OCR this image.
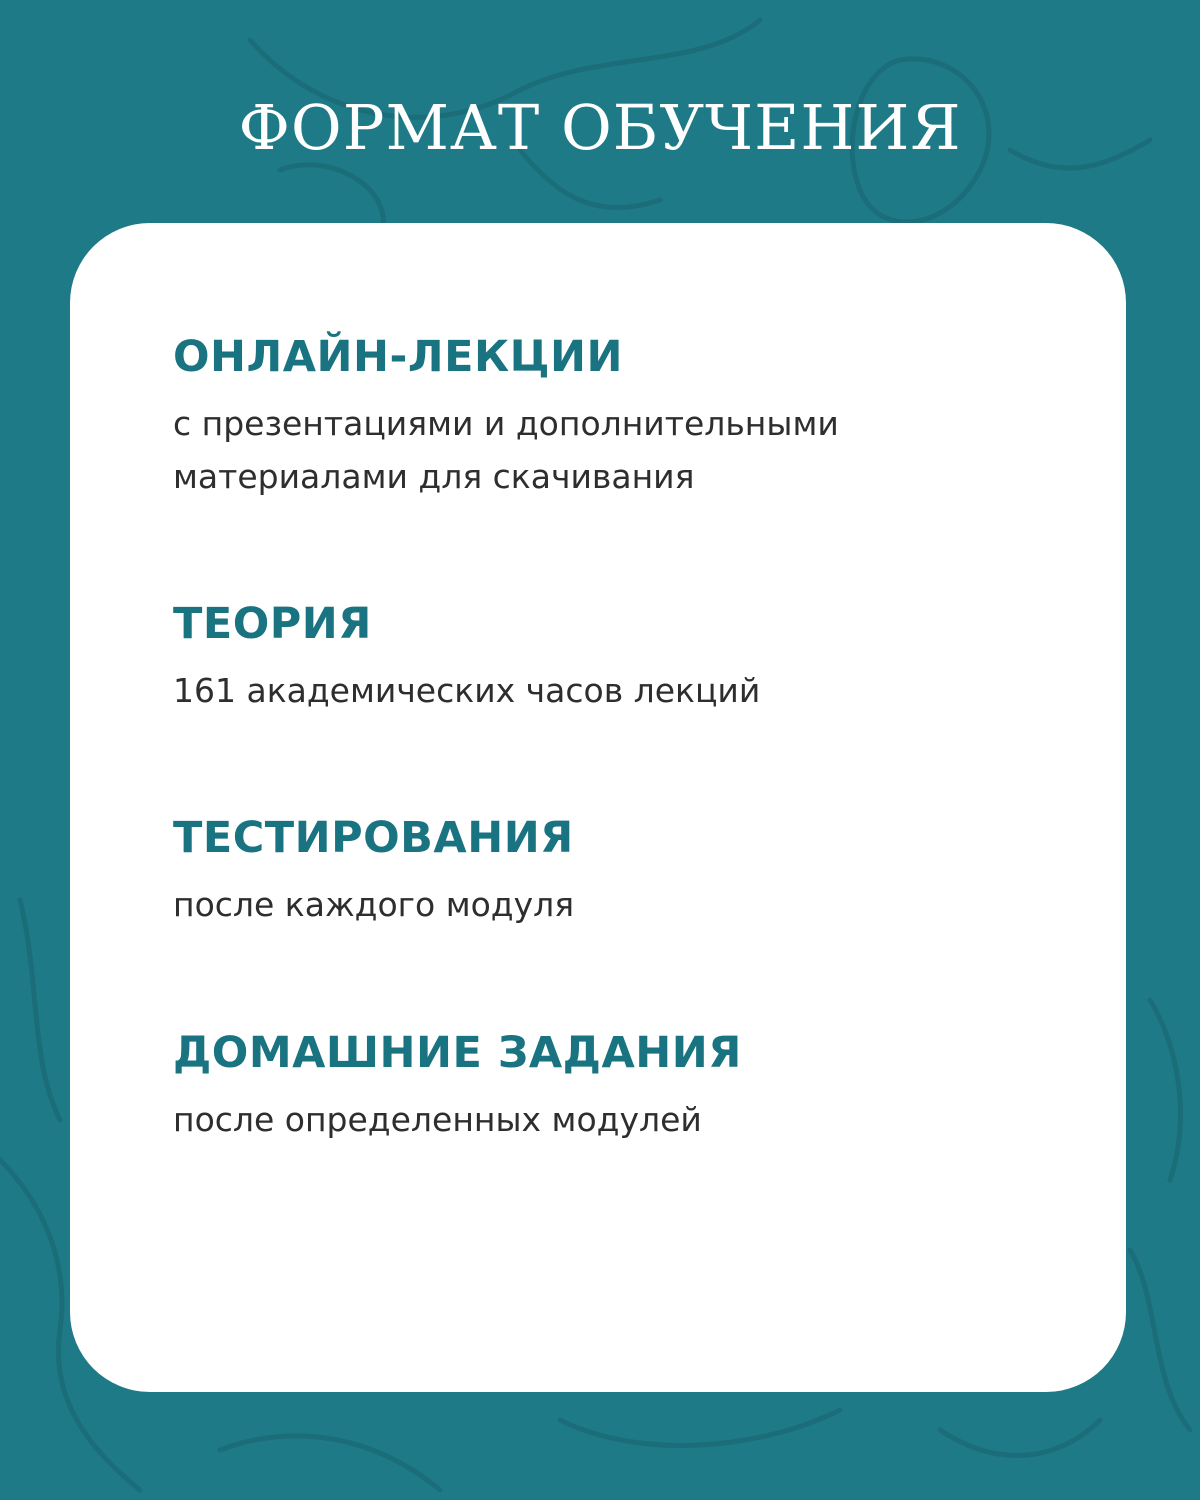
ФОРМАТ ОБУЧЕНИЯ
ОНЛАЙН-ЛЕКЦИИ

с презентациями и дополнительными
материалами для скачивания

ТЕОРИЯ

161 академических часов лекций

ТЕСТИРОВАНИЯ

после каждого модуля

ДОМАШНИЕ ЗАДАНИЯ

после определенных модулей
